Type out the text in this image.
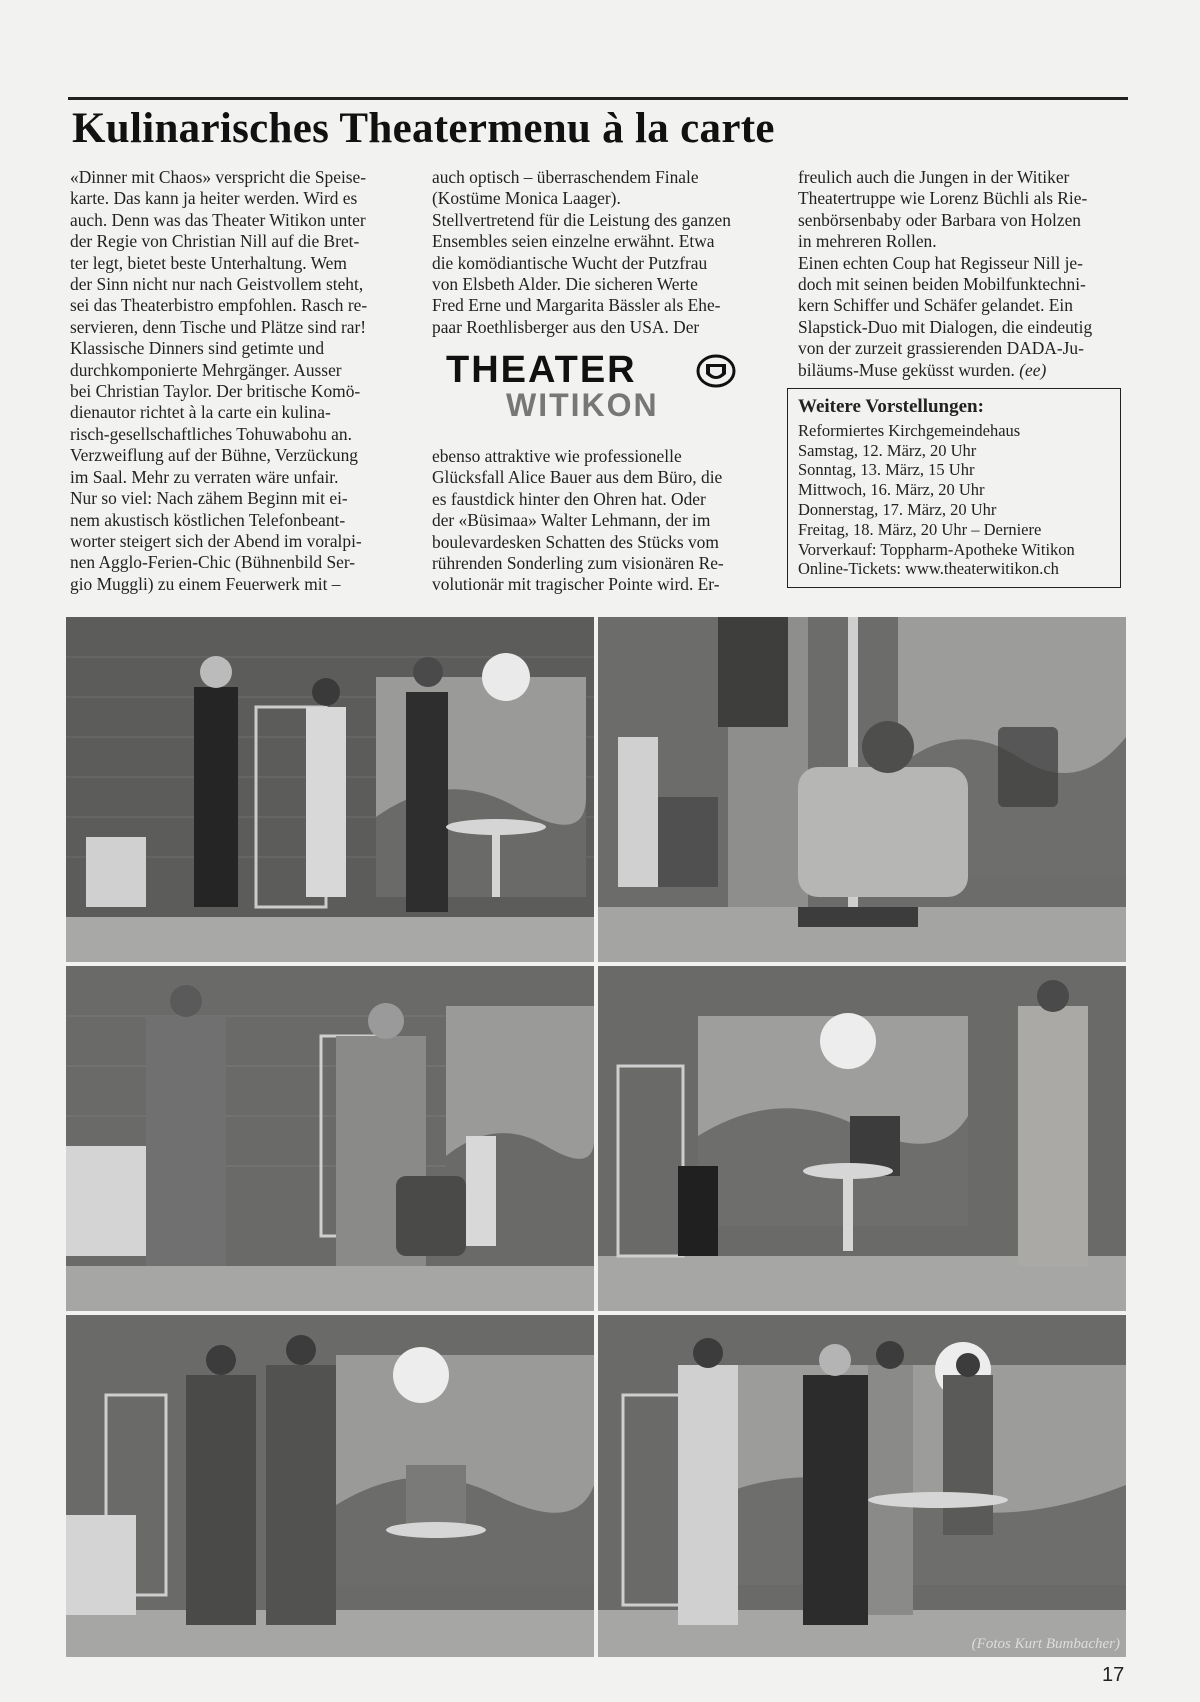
Kulinarisches Theatermenu à la carte

«Dinner mit Chaos» verspricht die Speise-

karte. Das kann ja heiter werden. Wird es

auch. Denn was das Theater Witikon unter

der Regie von Christian Nill auf die Bret-

ter legt, bietet beste Unterhaltung. Wem

der Sinn nicht nur nach Geistvollem steht,

sei das Theaterbistro empfohlen. Rasch re-

servieren, denn Tische und Plätze sind rar!

Klassische Dinners sind getimte und

durchkomponierte Mehrgänger. Ausser

bei Christian Taylor. Der britische Komö-

dienautor richtet à la carte ein kulina-

risch-gesellschaftliches Tohuwabohu an.

Verzweiflung auf der Bühne, Verzückung

im Saal. Mehr zu verraten wäre unfair.

Nur so viel: Nach zähem Beginn mit ei-

nem akustisch köstlichen Telefonbeant-

worter steigert sich der Abend im voralpi-

nen Agglo-Ferien-Chic (Bühnenbild Ser-

gio Muggli) zu einem Feuerwerk mit –

auch optisch – überraschendem Finale

(Kostüme Monica Laager).

Stellvertretend für die Leistung des ganzen

Ensembles seien einzelne erwähnt. Etwa

die komödiantische Wucht der Putzfrau

von Elsbeth Alder. Die sicheren Werte

Fred Erne und Margarita Bässler als Ehe-

paar Roethlisberger aus den USA. Der

THEATER
WITIKON

ebenso attraktive wie professionelle

Glücksfall Alice Bauer aus dem Büro, die

es faustdick hinter den Ohren hat. Oder

der «Büsimaa» Walter Lehmann, der im

boulevardesken Schatten des Stücks vom

rührenden Sonderling zum visionären Re-

volutionär mit tragischer Pointe wird. Er-

freulich auch die Jungen in der Witiker

Theatertruppe wie Lorenz Büchli als Rie-

senbörsenbaby oder Barbara von Holzen

in mehreren Rollen.

Einen echten Coup hat Regisseur Nill je-

doch mit seinen beiden Mobilfunktechni-

kern Schiffer und Schäfer gelandet. Ein

Slapstick-Duo mit Dialogen, die eindeutig

von der zurzeit grassierenden DADA-Ju-

biläums-Muse geküsst wurden. (ee)

Weitere Vorstellungen:
Reformiertes Kirchgemeindehaus
Samstag, 12. März, 20 Uhr
Sonntag, 13. März, 15 Uhr
Mittwoch, 16. März, 20 Uhr
Donnerstag, 17. März, 20 Uhr
Freitag, 18. März, 20 Uhr – Derniere
Vorverkauf: Toppharm-Apotheke Witikon
Online-Tickets: www.theaterwitikon.ch
(Fotos Kurt Bumbacher)
17
